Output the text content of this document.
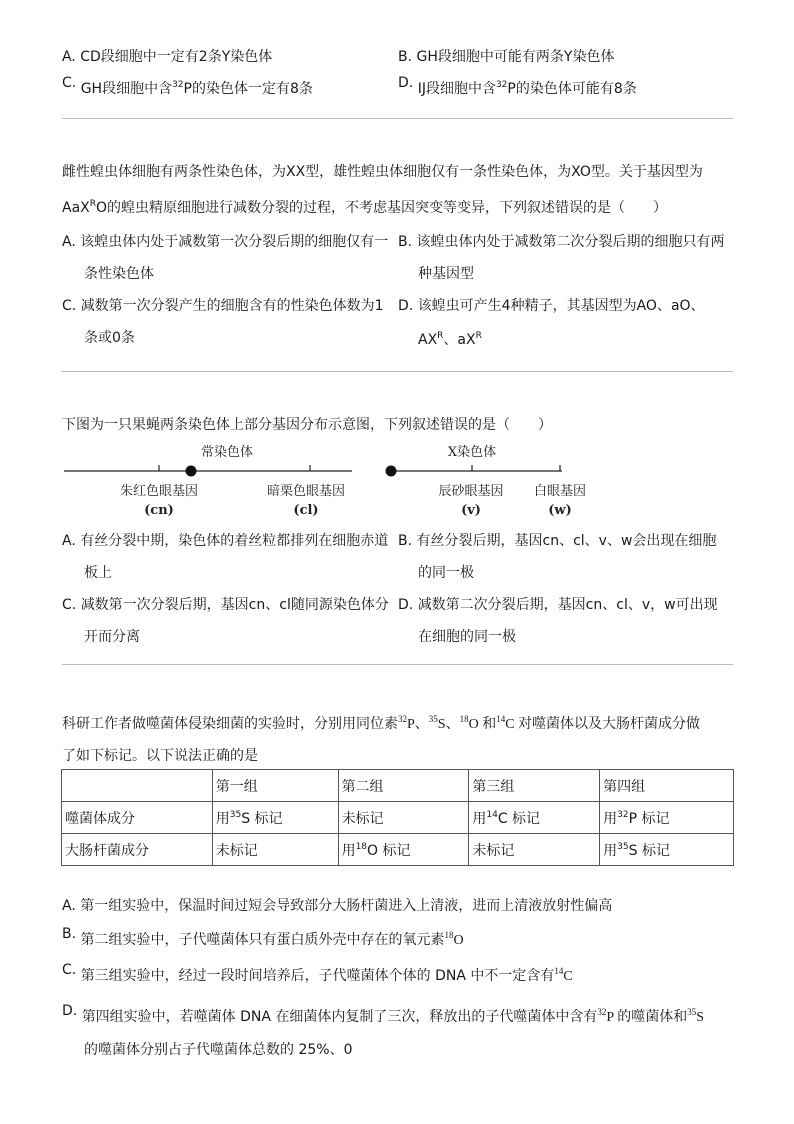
A. CD段细胞中一定有2条Y染色体	B. GH段细胞中可能有两条Y染色体
C. GH段细胞中含$^{32}$P的染色体一定有8条	D. IJ段细胞中含$^{32}$P的染色体可能有8条
雌性蝗虫体细胞有两条性染色体，为XX型，雄性蝗虫体细胞仅有一条性染色体，为XO型。关于基因型为
AaX$^R$O的蝗虫精原细胞进行减数分裂的过程，不考虑基因突变等变异，下列叙述错误的是（　　）
A. 该蝗虫体内处于减数第一次分裂后期的细胞仅有一
条性染色体
B. 该蝗虫体内处于减数第二次分裂后期的细胞只有两
种基因型
C. 减数第一次分裂产生的细胞含有的性染色体数为1
条或0条
D. 该蝗虫可产生4种精子，其基因型为AO、aO、
$AX^R$、$aX^R$
下图为一只果蝇两条染色体上部分基因分布示意图，下列叙述错误的是（　　）
常染色体	X染色体
朱红色眼基因
(cn)
暗栗色眼基因
(cl)
辰砂眼基因
(v)
白眼基因
(w)
A. 有丝分裂中期，染色体的着丝粒都排列在细胞赤道
板上
B. 有丝分裂后期，基因cn、cl、v、w会出现在细胞
的同一极
C. 减数第一次分裂后期，基因cn、cl随同源染色体分
开而分离
D. 减数第二次分裂后期，基因cn、cl、v，w可出现
在细胞的同一极
科研工作者做噬菌体侵染细菌的实验时，分别用同位素$^{32}$P、$^{35}$S、$^{18}$O 和$^{14}$C 对噬菌体以及大肠杆菌成分做
了如下标记。以下说法正确的是
	第一组	第二组	第三组	第四组
噬菌体成分	用$^{35}$S 标记	未标记	用$^{14}$C 标记	用$^{32}$P 标记
大肠杆菌成分	未标记	用$^{18}$O 标记	未标记	用$^{35}$S 标记
A. 第一组实验中，保温时间过短会导致部分大肠杆菌进入上清液，进而上清液放射性偏高
B. 第二组实验中，子代噬菌体只有蛋白质外壳中存在的氧元素$^{18}$O
C. 第三组实验中，经过一段时间培养后，子代噬菌体个体的 DNA 中不一定含有$^{14}$C
D. 第四组实验中，若噬菌体 DNA 在细菌体内复制了三次，释放出的子代噬菌体中含有$^{32}$P 的噬菌体和$^{35}$S
的噬菌体分别占子代噬菌体总数的 25%、0
